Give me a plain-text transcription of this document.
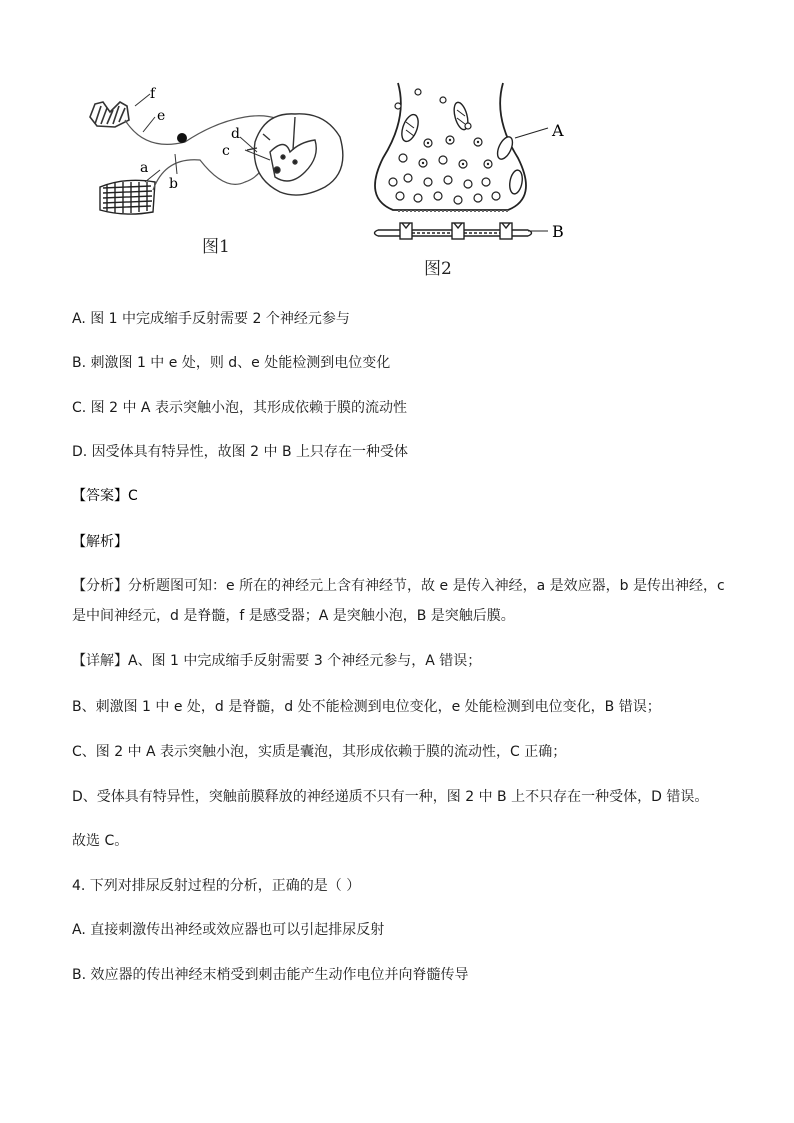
f
e
a
b
c
d
图1
A
B
图2
A. 图 1 中完成缩手反射需要 2 个神经元参与
B. 刺激图 1 中 e 处，则 d、e 处能检测到电位变化
C. 图 2 中 A 表示突触小泡，其形成依赖于膜的流动性
D. 因受体具有特异性，故图 2 中 B 上只存在一种受体
【答案】C
【解析】
【分析】分析题图可知：e 所在的神经元上含有神经节，故 e 是传入神经，a 是效应器，b 是传出神经，c
是中间神经元，d 是脊髓，f 是感受器；A 是突触小泡，B 是突触后膜。
【详解】A、图 1 中完成缩手反射需要 3 个神经元参与，A 错误；
B、刺激图 1 中 e 处，d 是脊髓，d 处不能检测到电位变化，e 处能检测到电位变化，B 错误；
C、图 2 中 A 表示突触小泡，实质是囊泡，其形成依赖于膜的流动性，C 正确；
D、受体具有特异性，突触前膜释放的神经递质不只有一种，图 2 中 B 上不只存在一种受体，D 错误。
故选 C。
4. 下列对排尿反射过程的分析，正确的是（ ）
A. 直接刺激传出神经或效应器也可以引起排尿反射
B. 效应器的传出神经末梢受到刺击能产生动作电位并向脊髓传导
